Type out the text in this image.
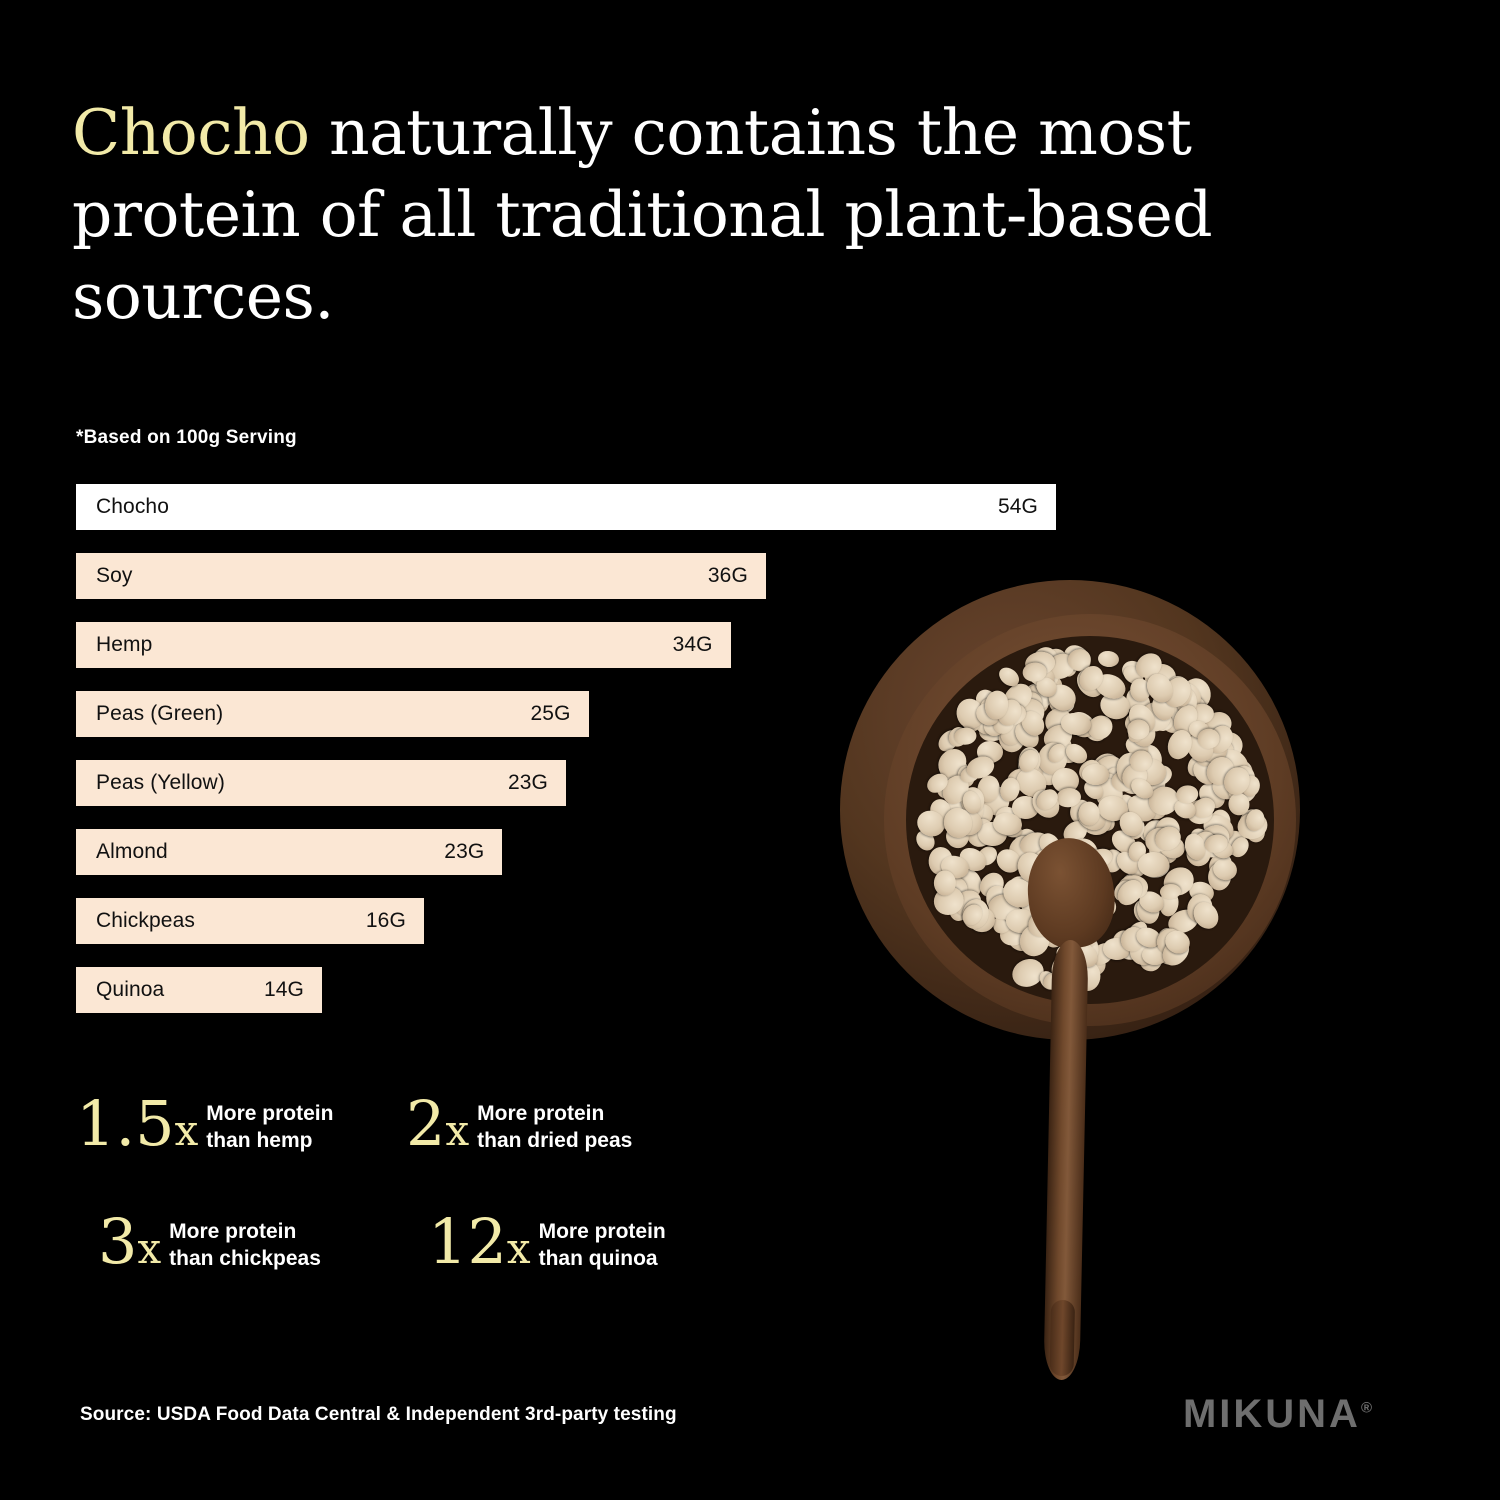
Chocho naturally contains the most protein of all traditional plant-based sources.
*Based on 100g Serving
Chocho	54G
Soy	36G
Hemp	34G
Peas (Green)	25G
Peas (Yellow)	23G
Almond	23G
Chickpeas	16G
Quinoa	14G
1.5x More protein
than hemp	2x More protein
than dried peas
3x More protein
than chickpeas 12x More protein
than quinoa
Source: USDA Food Data Central & Independent 3rd-party testing	MIKUNA®
